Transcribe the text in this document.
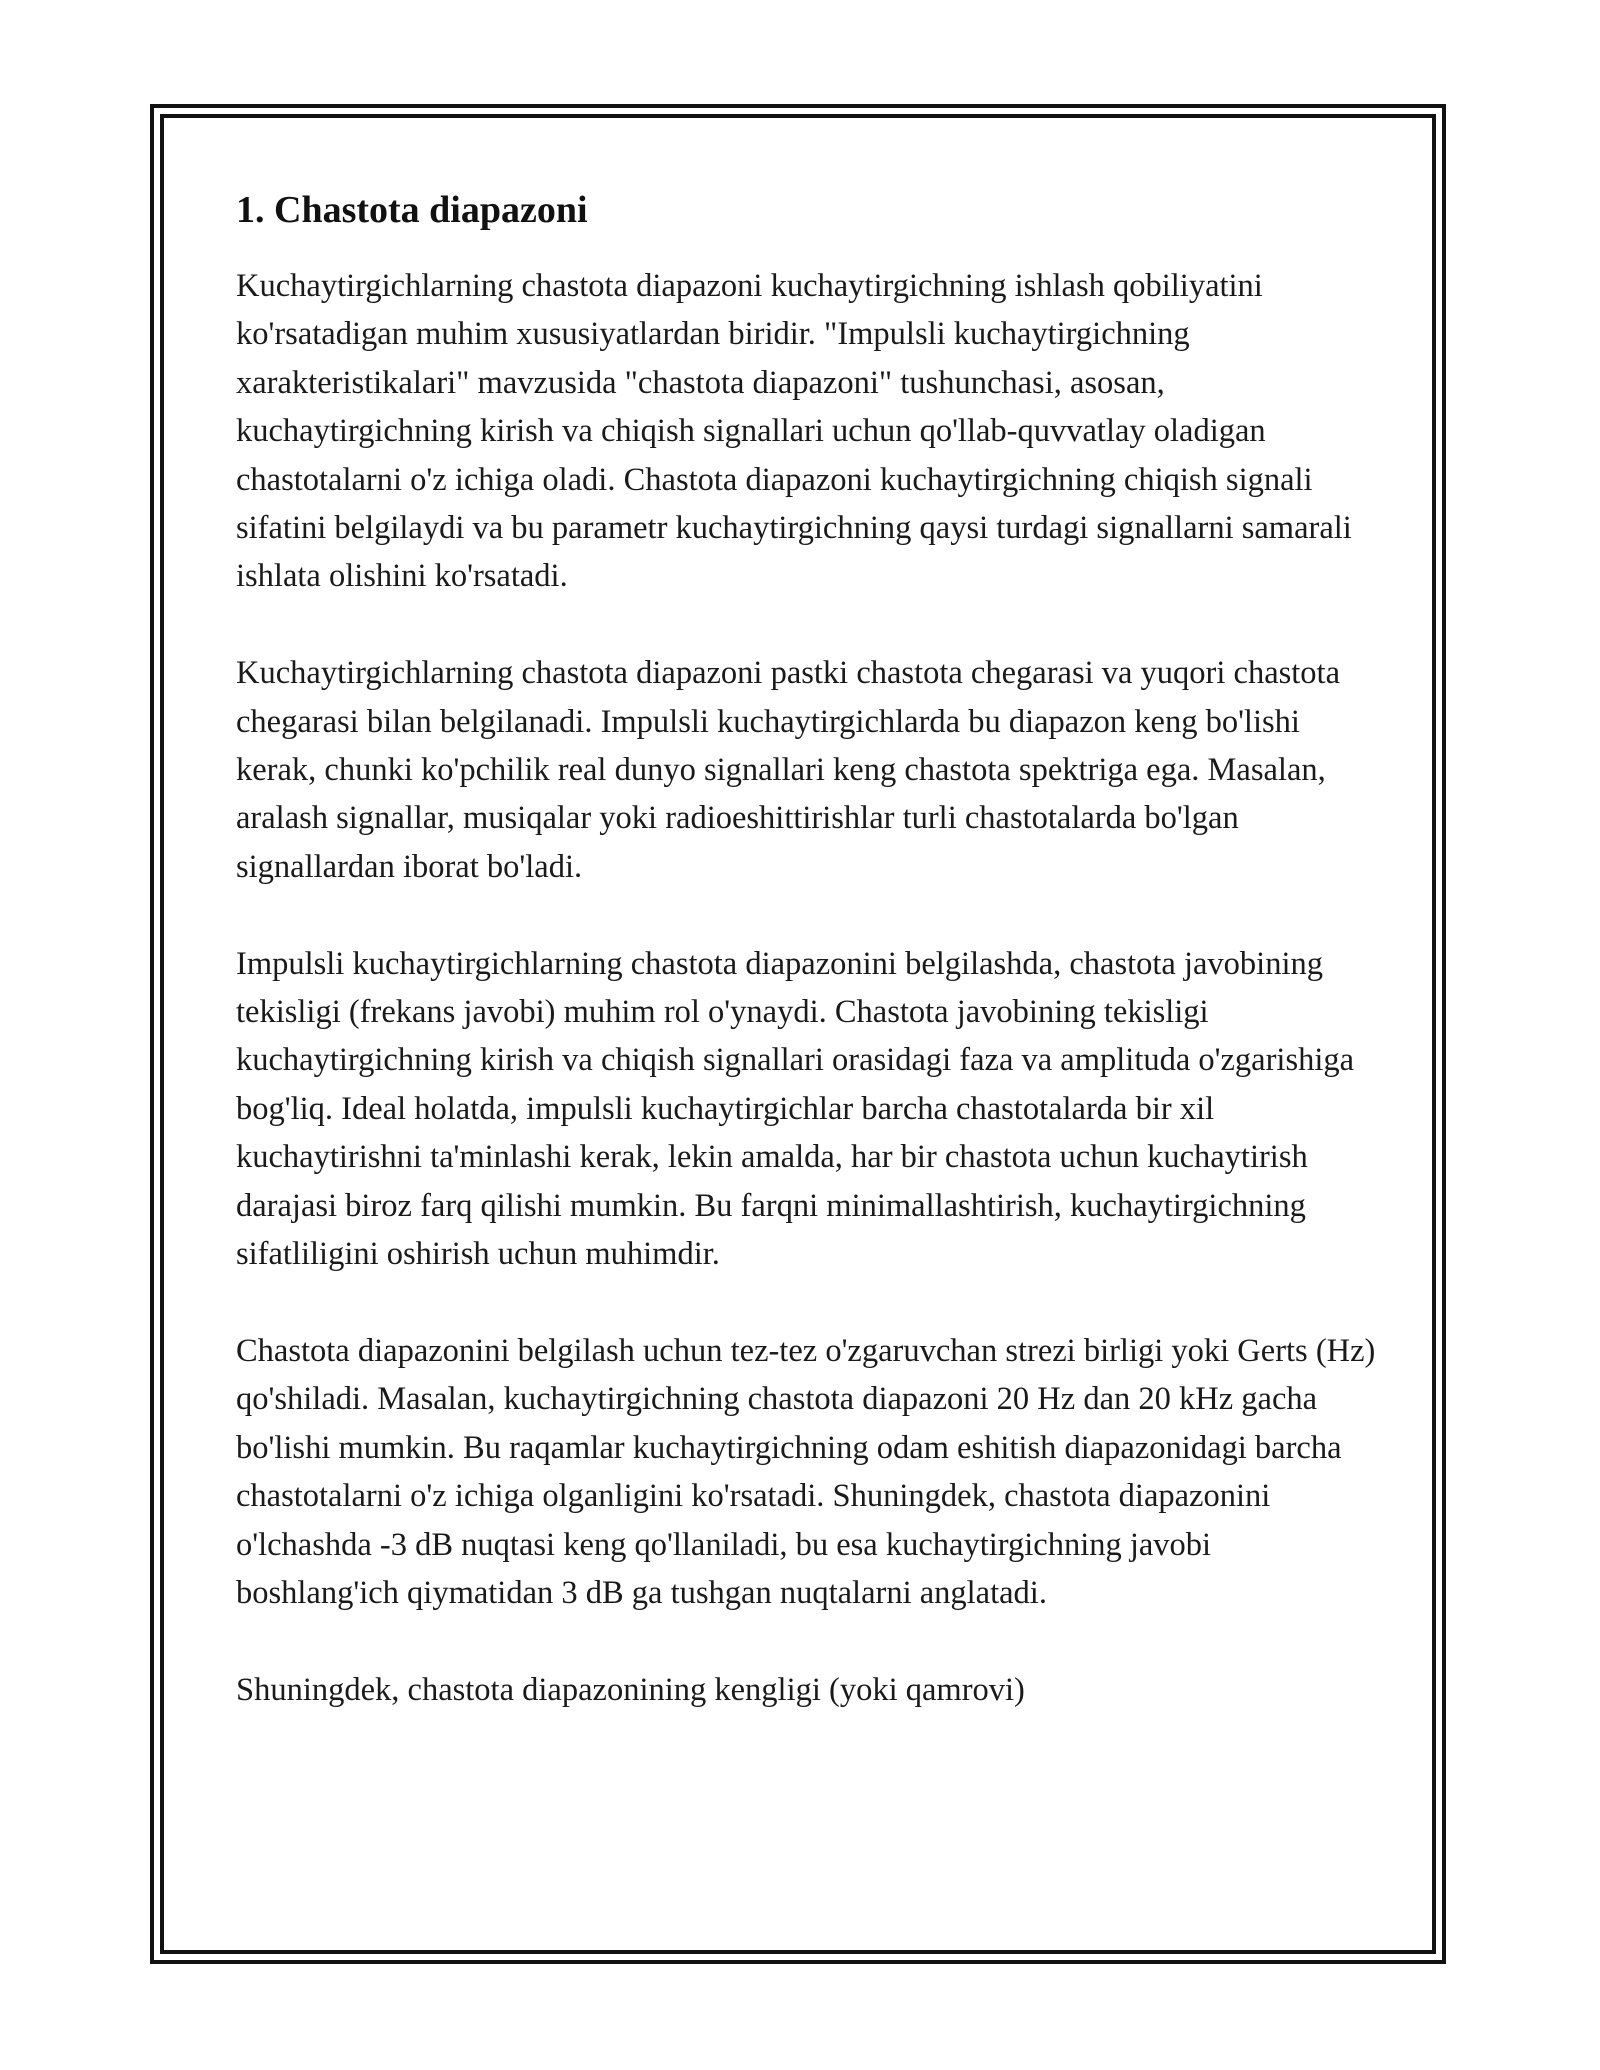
1. Chastota diapazoni

Kuchaytirgichlarning chastota diapazoni kuchaytirgichning ishlash qobiliyatini ko'rsatadigan muhim xususiyatlardan biridir. "Impulsli kuchaytirgichning xarakteristikalari" mavzusida "chastota diapazoni" tushunchasi, asosan, kuchaytirgichning kirish va chiqish signallari uchun qo'llab-quvvatlay oladigan chastotalarni o'z ichiga oladi. Chastota diapazoni kuchaytirgichning chiqish signali sifatini belgilaydi va bu parametr kuchaytirgichning qaysi turdagi signallarni samarali ishlata olishini ko'rsatadi.

Kuchaytirgichlarning chastota diapazoni pastki chastota chegarasi va yuqori chastota chegarasi bilan belgilanadi. Impulsli kuchaytirgichlarda bu diapazon keng bo'lishi kerak, chunki ko'pchilik real dunyo signallari keng chastota spektriga ega. Masalan, aralash signallar, musiqalar yoki radioeshittirishlar turli chastotalarda bo'lgan signallardan iborat bo'ladi.

Impulsli kuchaytirgichlarning chastota diapazonini belgilashda, chastota javobining tekisligi (frekans javobi) muhim rol o'ynaydi. Chastota javobining tekisligi kuchaytirgichning kirish va chiqish signallari orasidagi faza va amplituda o'zgarishiga bog'liq. Ideal holatda, impulsli kuchaytirgichlar barcha chastotalarda bir xil kuchaytirishni ta'minlashi kerak, lekin amalda, har bir chastota uchun kuchaytirish darajasi biroz farq qilishi mumkin. Bu farqni minimallashtirish, kuchaytirgichning sifatliligini oshirish uchun muhimdir.

Chastota diapazonini belgilash uchun tez-tez o'zgaruvchan strezi birligi yoki Gerts (Hz) qo'shiladi. Masalan, kuchaytirgichning chastota diapazoni 20 Hz dan 20 kHz gacha bo'lishi mumkin. Bu raqamlar kuchaytirgichning odam eshitish diapazonidagi barcha chastotalarni o'z ichiga olganligini ko'rsatadi. Shuningdek, chastota diapazonini o'lchashda -3 dB nuqtasi keng qo'llaniladi, bu esa kuchaytirgichning javobi boshlang'ich qiymatidan 3 dB ga tushgan nuqtalarni anglatadi.

Shuningdek, chastota diapazonining kengligi (yoki qamrovi)
